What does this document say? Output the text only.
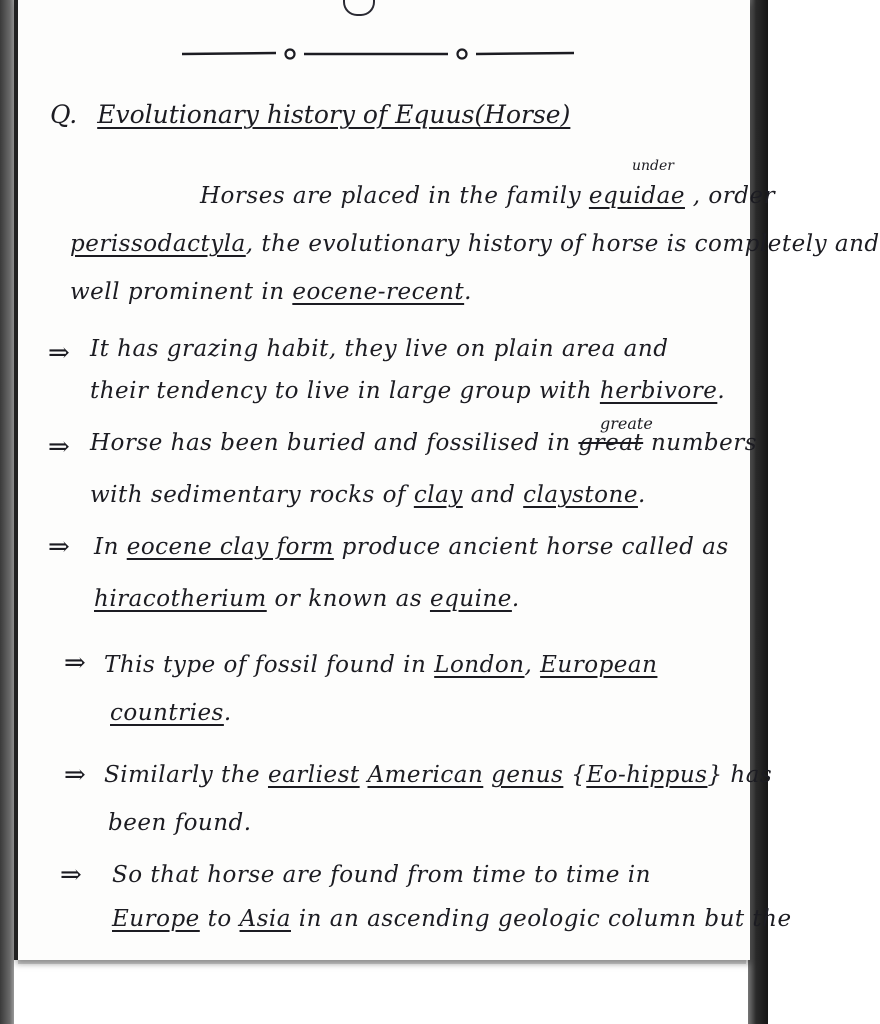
Q. Evolutionary history of Equus(Horse)
under
Horses are placed in the family equidae , order
perissodactyla, the evolutionary history of horse is completely and
well prominent in eocene-recent.
⇒ It has grazing habit, they live on plain area and
their tendency to live in large group with herbivore.
greate
⇒ Horse has been buried and fossilised in great numbers
with sedimentary rocks of clay and claystone.
⇒ In eocene clay form produce ancient horse called as
hiracotherium or known as equine.
⇒ This type of fossil found in London, European
countries.
⇒ Similarly the earliest American genus {Eo-hippus} has
been found.
⇒ So that horse are found from time to time in
Europe to Asia in an ascending geologic column but the
